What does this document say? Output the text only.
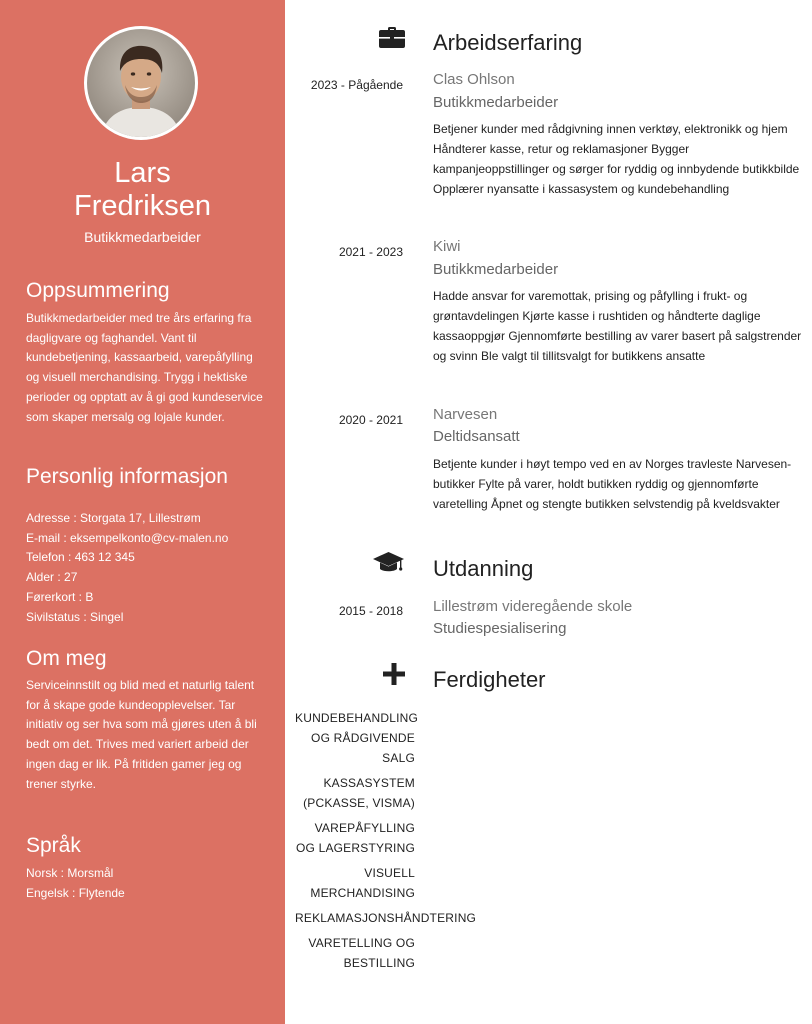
Lars
Fredriksen
Butikkmedarbeider
Oppsummering

Butikkmedarbeider med tre års erfaring fra dagligvare og faghandel. Vant til kundebetjening, kassaarbeid, varepåfylling og visuell merchandising. Trygg i hektiske perioder og opptatt av å gi god kundeservice som skaper mersalg og lojale kunder.

Personlig informasjon
Adresse : Storgata 17, Lillestrøm
E-mail : eksempelkonto@cv-malen.no
Telefon : 463 12 345
Alder : 27
Førerkort : B
Sivilstatus : Singel
Om meg

Serviceinnstilt og blid med et naturlig talent for å skape gode kundeopplevelser. Tar initiativ og ser hva som må gjøres uten å bli bedt om det. Trives med variert arbeid der ingen dag er lik. På fritiden gamer jeg og trener styrke.

Språk
Norsk : Morsmål
Engelsk : Flytende
Arbeidserfaring
2023 - Pågående Clas Ohlson
Butikkmedarbeider

Betjener kunder med rådgivning innen verktøy, elektronikk og hjem Håndterer kasse, retur og reklamasjoner Bygger kampanjeoppstillinger og sørger for ryddig og innbydende butikkbilde Opplærer nyansatte i kassasystem og kundebehandling

2021 - 2023 Kiwi
Butikkmedarbeider

Hadde ansvar for varemottak, prising og påfylling i frukt- og grøntavdelingen Kjørte kasse i rushtiden og håndterte daglige kassaoppgjør Gjennomførte bestilling av varer basert på salgstrender og svinn Ble valgt til tillitsvalgt for butikkens ansatte

2020 - 2021 Narvesen
Deltidsansatt

Betjente kunder i høyt tempo ved en av Norges travleste Narvesen-butikker Fylte på varer, holdt butikken ryddig og gjennomførte varetelling Åpnet og stengte butikken selvstendig på kveldsvakter

Utdanning
2015 - 2018 Lillestrøm videregående skole
Studiespesialisering
Ferdigheter
KUNDEBEHANDLING OG RÅDGIVENDE SALG
KASSASYSTEM (PCKASSE, VISMA)
VAREPÅFYLLING OG LAGERSTYRING
VISUELL MERCHANDISING
REKLAMASJONSHÅNDTERING
VARETELLING OG BESTILLING
